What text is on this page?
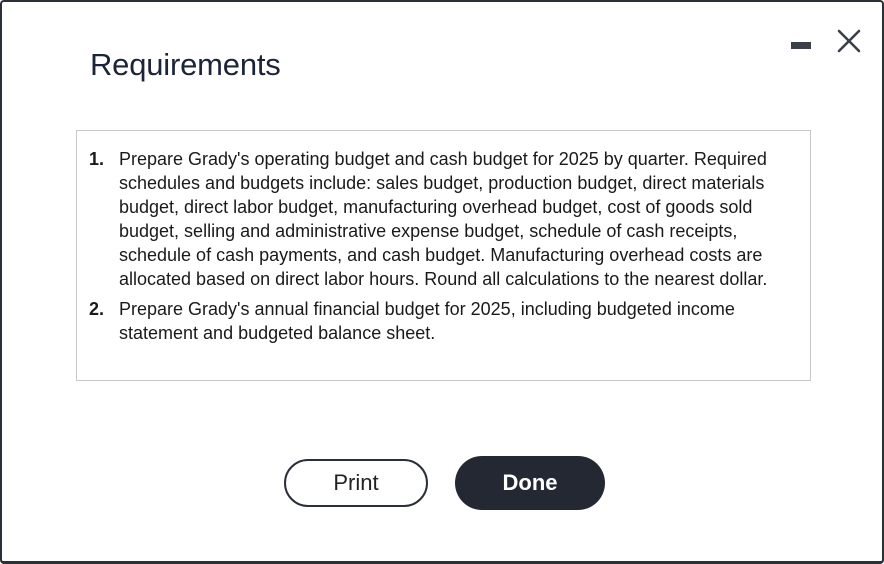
Requirements
1. Prepare Grady's operating budget and cash budget for 2025 by quarter. Required schedules and budgets include: sales budget, production budget, direct materials budget, direct labor budget, manufacturing overhead budget, cost of goods sold budget, selling and administrative expense budget, schedule of cash receipts, schedule of cash payments, and cash budget. Manufacturing overhead costs are allocated based on direct labor hours. Round all calculations to the nearest dollar.
2. Prepare Grady's annual financial budget for 2025, including budgeted income statement and budgeted balance sheet.
Print	Done
